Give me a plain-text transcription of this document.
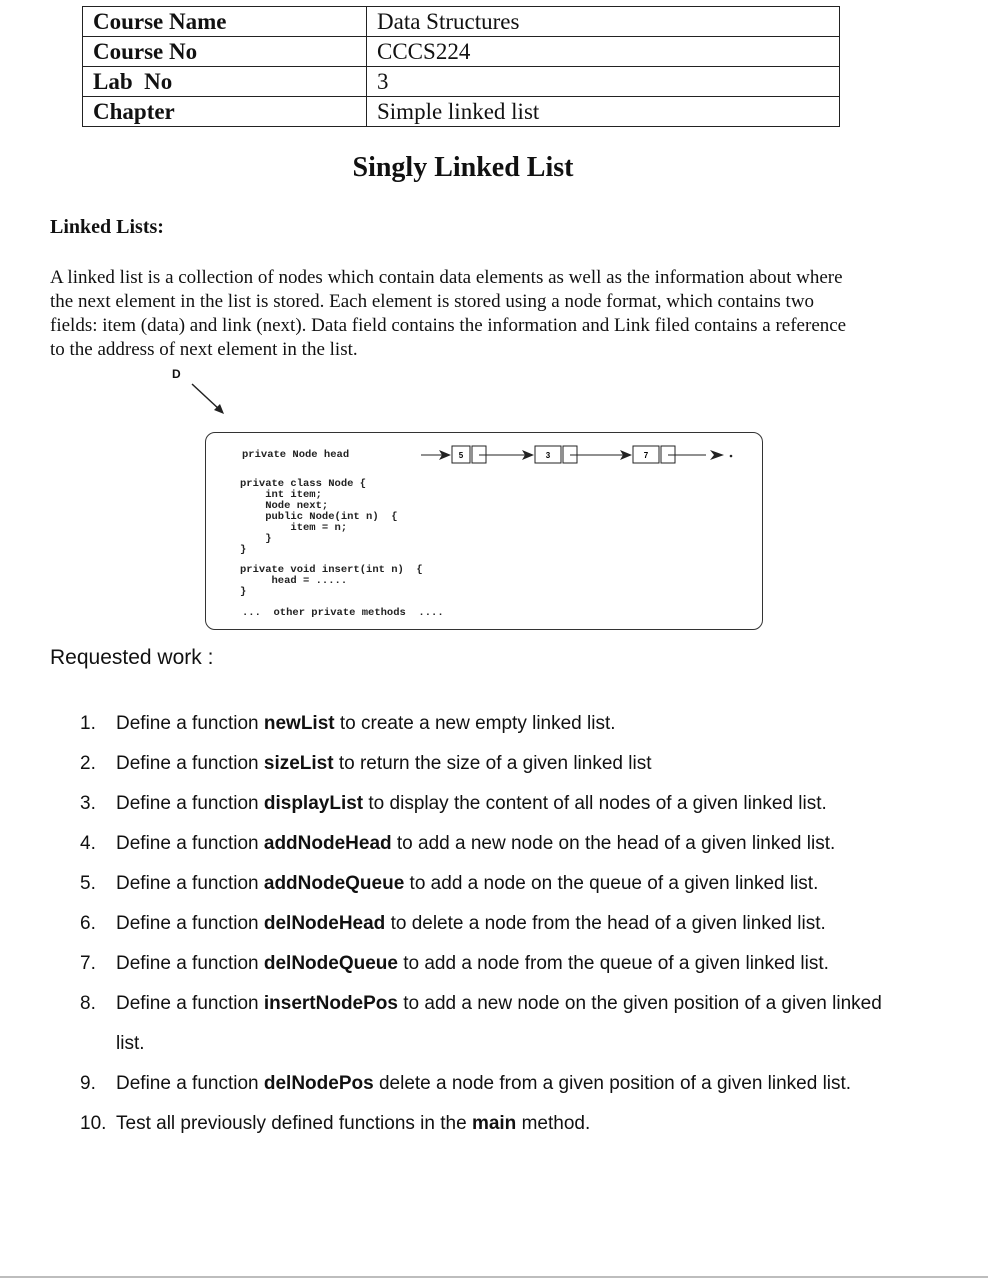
Course Name	Data Structures
Course No	CCCS224
Lab  No	3
Chapter	Simple linked list
Singly Linked List
Linked Lists:

A linked list is a collection of nodes which contain data elements as well as the information about where the next element in the list is stored. Each element is stored using a node format, which contains two fields: item (data) and link (next). Data field contains the information and Link filed contains a reference to the address of next element in the list.

D
private Node head	5	3	7
private class Node {
int item;
Node next;
public Node(int n)  {
item = n;
}
}
private void insert(int n)  {
head = .....
}
...  other private methods  ....
Requested work :
1. Define a function newList to create a new empty linked list.
2. Define a function sizeList to return the size of a given linked list
3. Define a function displayList to display the content of all nodes of a given linked list.
4. Define a function addNodeHead to add a new node on the head of a given linked list.
5. Define a function addNodeQueue to add a node on the queue of a given linked list.
6. Define a function delNodeHead to delete a node from the head of a given linked list.
7. Define a function delNodeQueue to add a node from the queue of a given linked list.
8. Define a function insertNodePos to add a new node on the given position of a given linked list.
9. Define a function delNodePos delete a node from a given position of a given linked list.
10. Test all previously defined functions in the main method.
